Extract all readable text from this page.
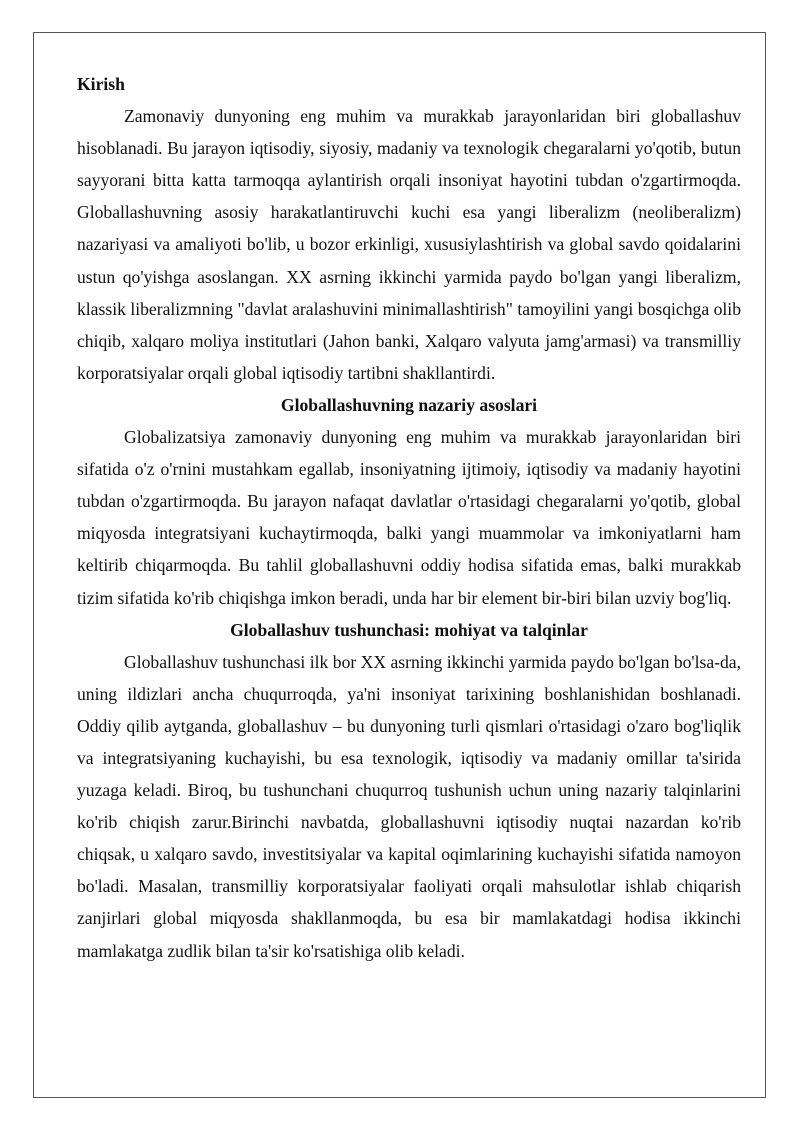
Kirish

Zamonaviy dunyoning eng muhim va murakkab jarayonlaridan biri globallashuv hisoblanadi. Bu jarayon iqtisodiy, siyosiy, madaniy va texnologik chegaralarni yo'qotib, butun sayyorani bitta katta tarmoqqa aylantirish orqali insoniyat hayotini tubdan o'zgartirmoqda. Globallashuvning asosiy harakatlantiruvchi kuchi esa yangi liberalizm (neoliberalizm) nazariyasi va amaliyoti bo'lib, u bozor erkinligi, xususiylashtirish va global savdo qoidalarini ustun qo'yishga asoslangan. XX asrning ikkinchi yarmida paydo bo'lgan yangi liberalizm, klassik liberalizmning "davlat aralashuvini minimallashtirish" tamoyilini yangi bosqichga olib chiqib, xalqaro moliya institutlari (Jahon banki, Xalqaro valyuta jamg'armasi) va transmilliy korporatsiyalar orqali global iqtisodiy tartibni shakllantirdi.

Globallashuvning nazariy asoslari

Globalizatsiya zamonaviy dunyoning eng muhim va murakkab jarayonlaridan biri sifatida o'z o'rnini mustahkam egallab, insoniyatning ijtimoiy, iqtisodiy va madaniy hayotini tubdan o'zgartirmoqda. Bu jarayon nafaqat davlatlar o'rtasidagi chegaralarni yo'qotib, global miqyosda integratsiyani kuchaytirmoqda, balki yangi muammolar va imkoniyatlarni ham keltirib chiqarmoqda. Bu tahlil globallashuvni oddiy hodisa sifatida emas, balki murakkab tizim sifatida ko'rib chiqishga imkon beradi, unda har bir element bir-biri bilan uzviy bog'liq.

Globallashuv tushunchasi: mohiyat va talqinlar

Globallashuv tushunchasi ilk bor XX asrning ikkinchi yarmida paydo bo'lgan bo'lsa-da, uning ildizlari ancha chuqurroqda, ya'ni insoniyat tarixining boshlanishidan boshlanadi. Oddiy qilib aytganda, globallashuv – bu dunyoning turli qismlari o'rtasidagi o'zaro bog'liqlik va integratsiyaning kuchayishi, bu esa texnologik, iqtisodiy va madaniy omillar ta'sirida yuzaga keladi. Biroq, bu tushunchani chuqurroq tushunish uchun uning nazariy talqinlarini ko'rib chiqish zarur.Birinchi navbatda, globallashuvni iqtisodiy nuqtai nazardan ko'rib chiqsak, u xalqaro savdo, investitsiyalar va kapital oqimlarining kuchayishi sifatida namoyon bo'ladi. Masalan, transmilliy korporatsiyalar faoliyati orqali mahsulotlar ishlab chiqarish zanjirlari global miqyosda shakllanmoqda, bu esa bir mamlakatdagi hodisa ikkinchi mamlakatga zudlik bilan ta'sir ko'rsatishiga olib keladi.
